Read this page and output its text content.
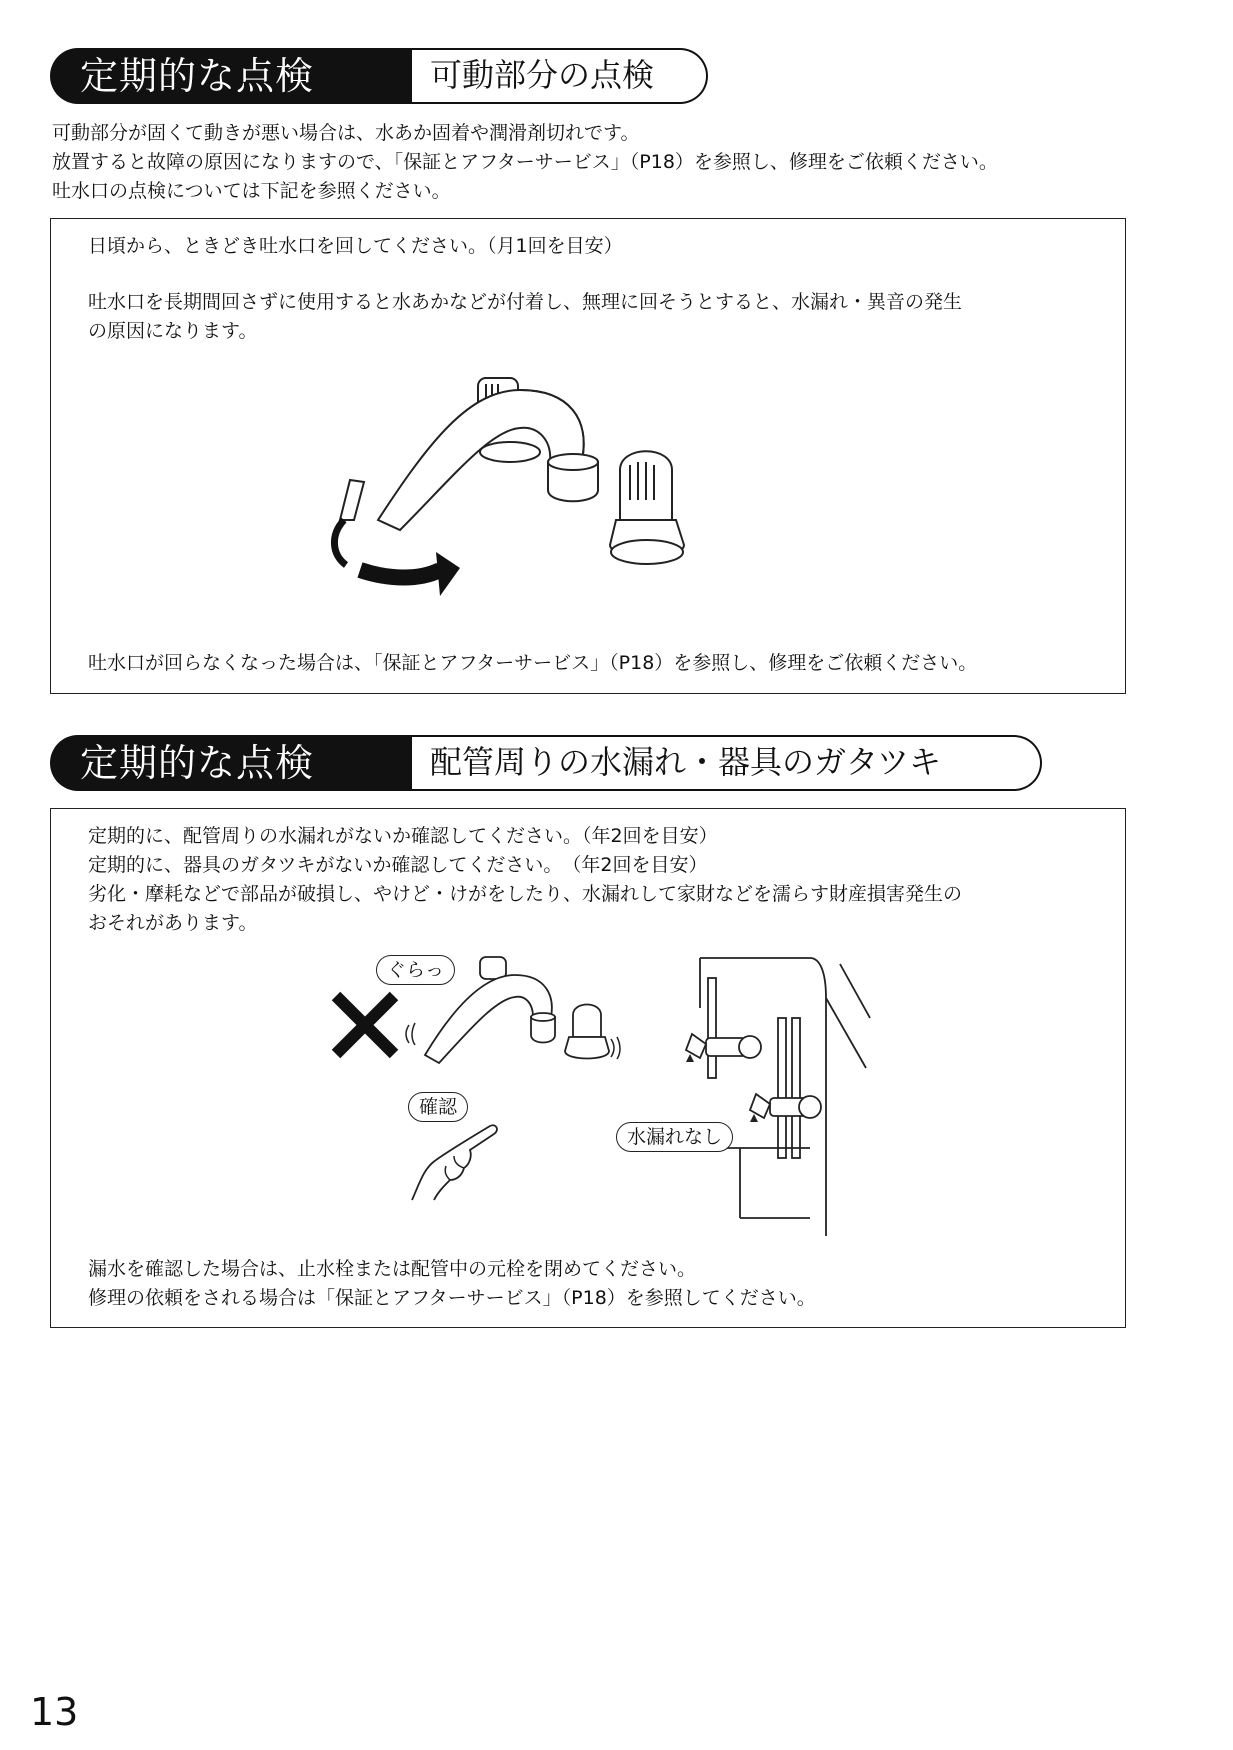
定期的な点検	可動部分の点検
可動部分が固くて動きが悪い場合は、水あか固着や潤滑剤切れです。
放置すると故障の原因になりますので、「保証とアフターサービス」（P18）を参照し、修理をご依頼ください。
吐水口の点検については下記を参照ください。
日頃から、ときどき吐水口を回してください。（月1回を目安）
吐水口を長期間回さずに使用すると水あかなどが付着し、無理に回そうとすると、水漏れ・異音の発生
の原因になります。
吐水口が回らなくなった場合は、「保証とアフターサービス」（P18）を参照し、修理をご依頼ください。
定期的な点検	配管周りの水漏れ・器具のガタツキ
定期的に、配管周りの水漏れがないか確認してください。（年2回を目安）
定期的に、器具のガタツキがないか確認してください。　（年2回を目安）
劣化・摩耗などで部品が破損し、やけど・けがをしたり、水漏れして家財などを濡らす財産損害発生の
おそれがあります。
ぐらっ
確認
水漏れなし
漏水を確認した場合は、止水栓または配管中の元栓を閉めてください。
修理の依頼をされる場合は「保証とアフターサービス」（P18）を参照してください。
13
